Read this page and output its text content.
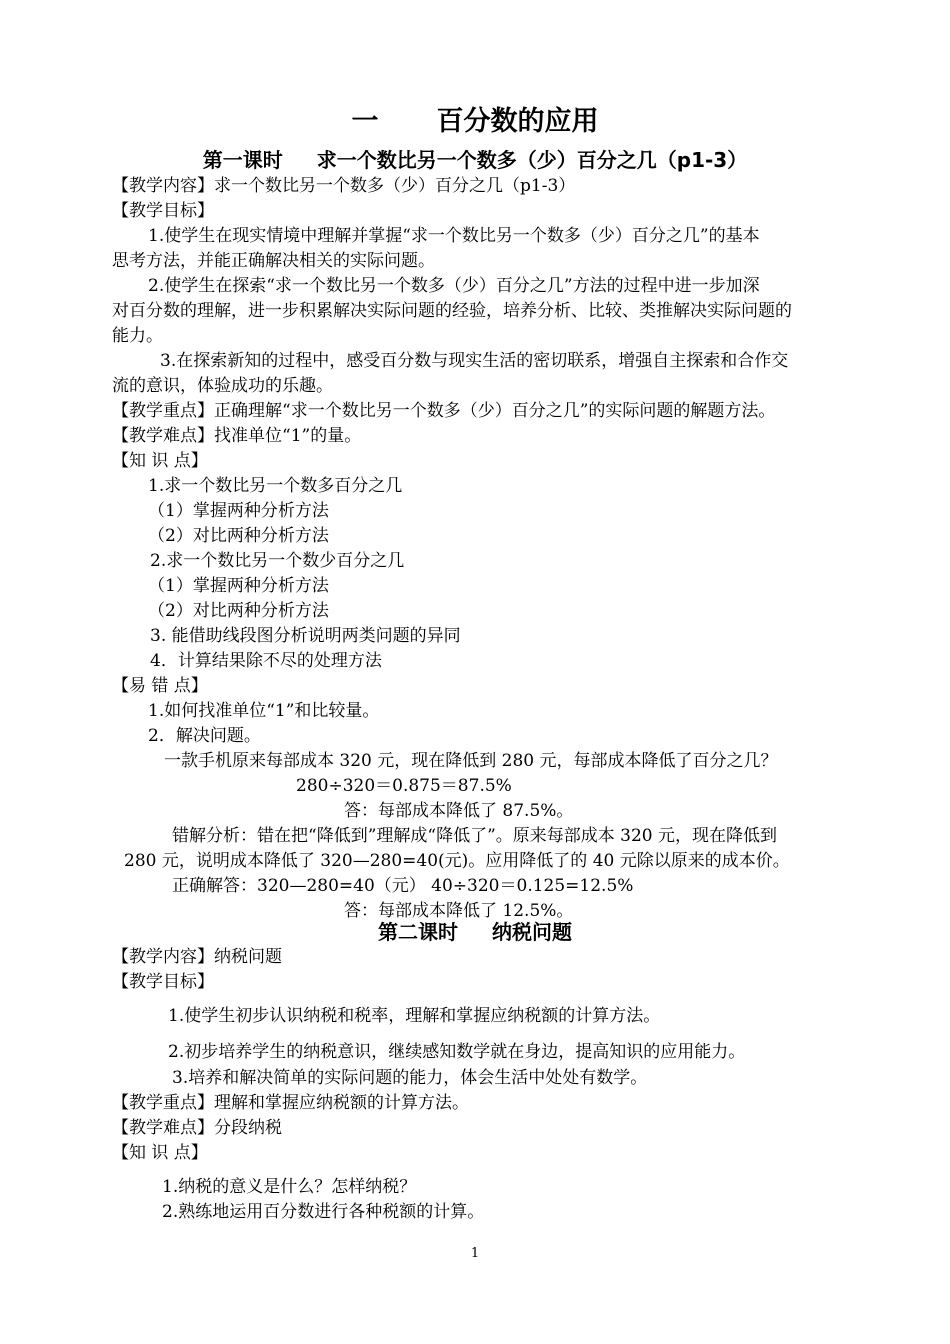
一 百分数的应用
第一课时 求一个数比另一个数多（少）百分之几（p1-3）
【教学内容】求一个数比另一个数多（少）百分之几（p1-3）
【教学目标】
1.使学生在现实情境中理解并掌握“求一个数比另一个数多（少）百分之几”的基本
思考方法，并能正确解决相关的实际问题。
2.使学生在探索“求一个数比另一个数多（少）百分之几”方法的过程中进一步加深
对百分数的理解，进一步积累解决实际问题的经验，培养分析、比较、类推解决实际问题的
能力。
3.在探索新知的过程中，感受百分数与现实生活的密切联系，增强自主探索和合作交
流的意识，体验成功的乐趣。
【教学重点】正确理解“求一个数比另一个数多（少）百分之几”的实际问题的解题方法。
【教学难点】找准单位“1”的量。
【知 识 点】
1.求一个数比另一个数多百分之几
（1）掌握两种分析方法
（2）对比两种分析方法
2.求一个数比另一个数少百分之几
（1）掌握两种分析方法
（2）对比两种分析方法
3. 能借助线段图分析说明两类问题的异同
4．计算结果除不尽的处理方法
【易 错 点】
1.如何找准单位“1”和比较量。
2．解决问题。
一款手机原来每部成本 320 元，现在降低到 280 元，每部成本降低了百分之几？
280÷320＝0.875＝87.5%
答：每部成本降低了 87.5%。
错解分析：错在把“降低到”理解成“降低了”。原来每部成本 320 元，现在降低到
280 元，说明成本降低了 320—280=40(元)。应用降低了的 40 元除以原来的成本价。
正确解答：320—280=40（元） 40÷320＝0.125=12.5%
答：每部成本降低了 12.5%。
第二课时 纳税问题
【教学内容】纳税问题
【教学目标】
1.使学生初步认识纳税和税率，理解和掌握应纳税额的计算方法。
2.初步培养学生的纳税意识，继续感知数学就在身边，提高知识的应用能力。
3.培养和解决简单的实际问题的能力，体会生活中处处有数学。
【教学重点】理解和掌握应纳税额的计算方法。
【教学难点】分段纳税
【知 识 点】
1.纳税的意义是什么？怎样纳税？
2.熟练地运用百分数进行各种税额的计算。
1
